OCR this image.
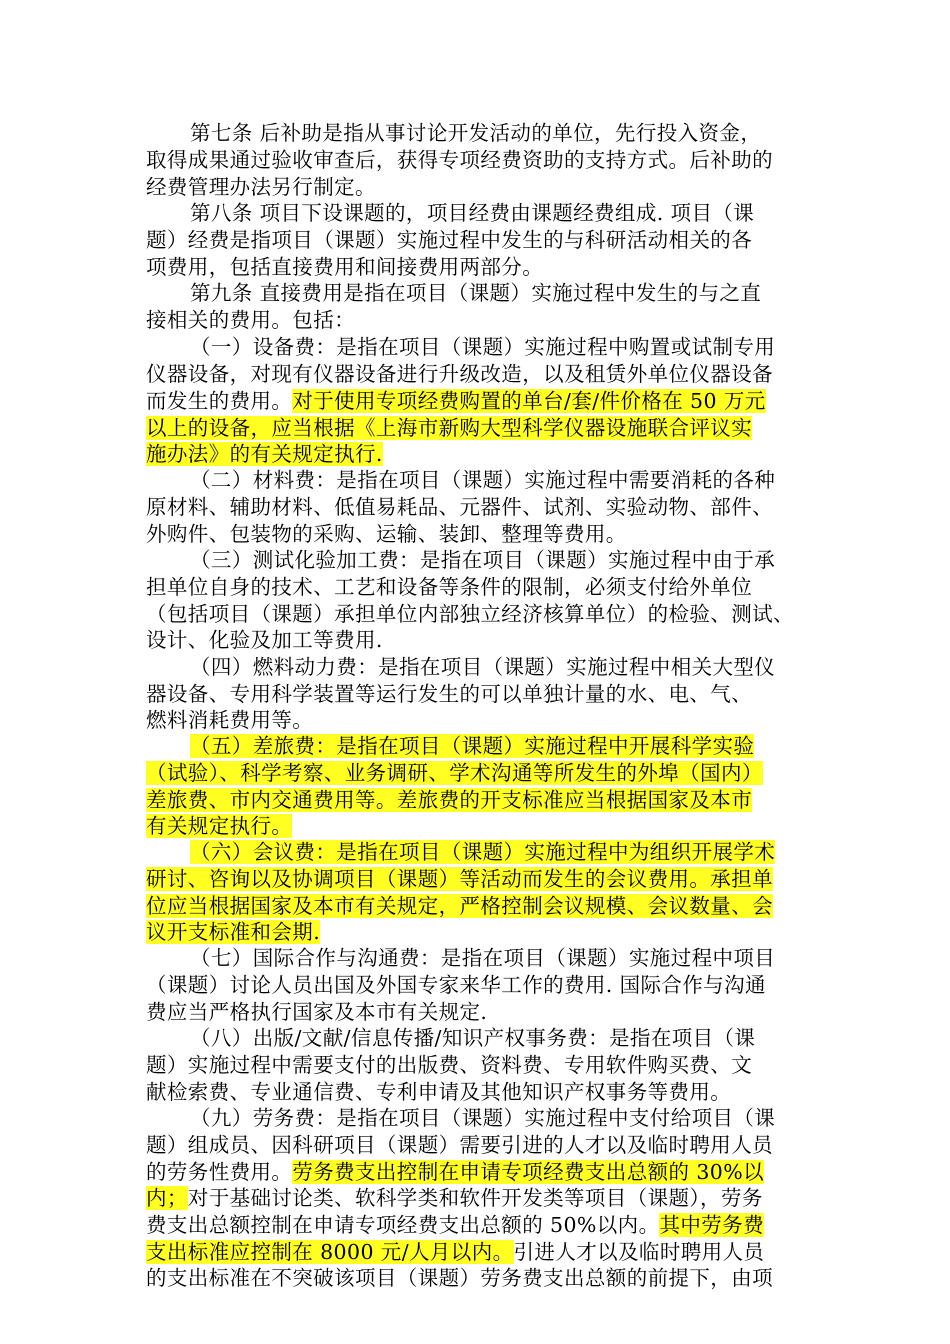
第七条 后补助是指从事讨论开发活动的单位，先行投入资金，
取得成果通过验收审查后，获得专项经费资助的支持方式。后补助的
经费管理办法另行制定。
第八条 项目下设课题的，项目经费由课题经费组成. 项目（课
题）经费是指项目（课题）实施过程中发生的与科研活动相关的各
项费用，包括直接费用和间接费用两部分。
第九条 直接费用是指在项目（课题）实施过程中发生的与之直
接相关的费用。包括：
（一）设备费：是指在项目（课题）实施过程中购置或试制专用
仪器设备，对现有仪器设备进行升级改造，以及租赁外单位仪器设备
而发生的费用。对于使用专项经费购置的单台/套/件价格在 50 万元
以上的设备，应当根据《上海市新购大型科学仪器设施联合评议实
施办法》的有关规定执行.
（二）材料费：是指在项目（课题）实施过程中需要消耗的各种
原材料、辅助材料、低值易耗品、元器件、试剂、实验动物、部件、
外购件、包装物的采购、运输、装卸、整理等费用。
（三）测试化验加工费：是指在项目（课题）实施过程中由于承
担单位自身的技术、工艺和设备等条件的限制，必须支付给外单位
（包括项目（课题）承担单位内部独立经济核算单位）的检验、测试、
设计、化验及加工等费用.
（四）燃料动力费：是指在项目（课题）实施过程中相关大型仪
器设备、专用科学装置等运行发生的可以单独计量的水、电、气、
燃料消耗费用等。
（五）差旅费：是指在项目（课题）实施过程中开展科学实验
（试验）、科学考察、业务调研、学术沟通等所发生的外埠（国内）
差旅费、市内交通费用等。差旅费的开支标准应当根据国家及本市
有关规定执行。
（六）会议费：是指在项目（课题）实施过程中为组织开展学术
研讨、咨询以及协调项目（课题）等活动而发生的会议费用。承担单
位应当根据国家及本市有关规定，严格控制会议规模、会议数量、会
议开支标准和会期.
（七）国际合作与沟通费：是指在项目（课题）实施过程中项目
（课题）讨论人员出国及外国专家来华工作的费用. 国际合作与沟通
费应当严格执行国家及本市有关规定.
（八）出版/文献/信息传播/知识产权事务费：是指在项目（课
题）实施过程中需要支付的出版费、资料费、专用软件购买费、文
献检索费、专业通信费、专利申请及其他知识产权事务等费用。
（九）劳务费：是指在项目（课题）实施过程中支付给项目（课
题）组成员、因科研项目（课题）需要引进的人才以及临时聘用人员
的劳务性费用。劳务费支出控制在申请专项经费支出总额的 30%以
内；对于基础讨论类、软科学类和软件开发类等项目（课题），劳务
费支出总额控制在申请专项经费支出总额的 50%以内。其中劳务费
支出标准应控制在 8000 元/人月以内。引进人才以及临时聘用人员
的支出标准在不突破该项目（课题）劳务费支出总额的前提下，由项
